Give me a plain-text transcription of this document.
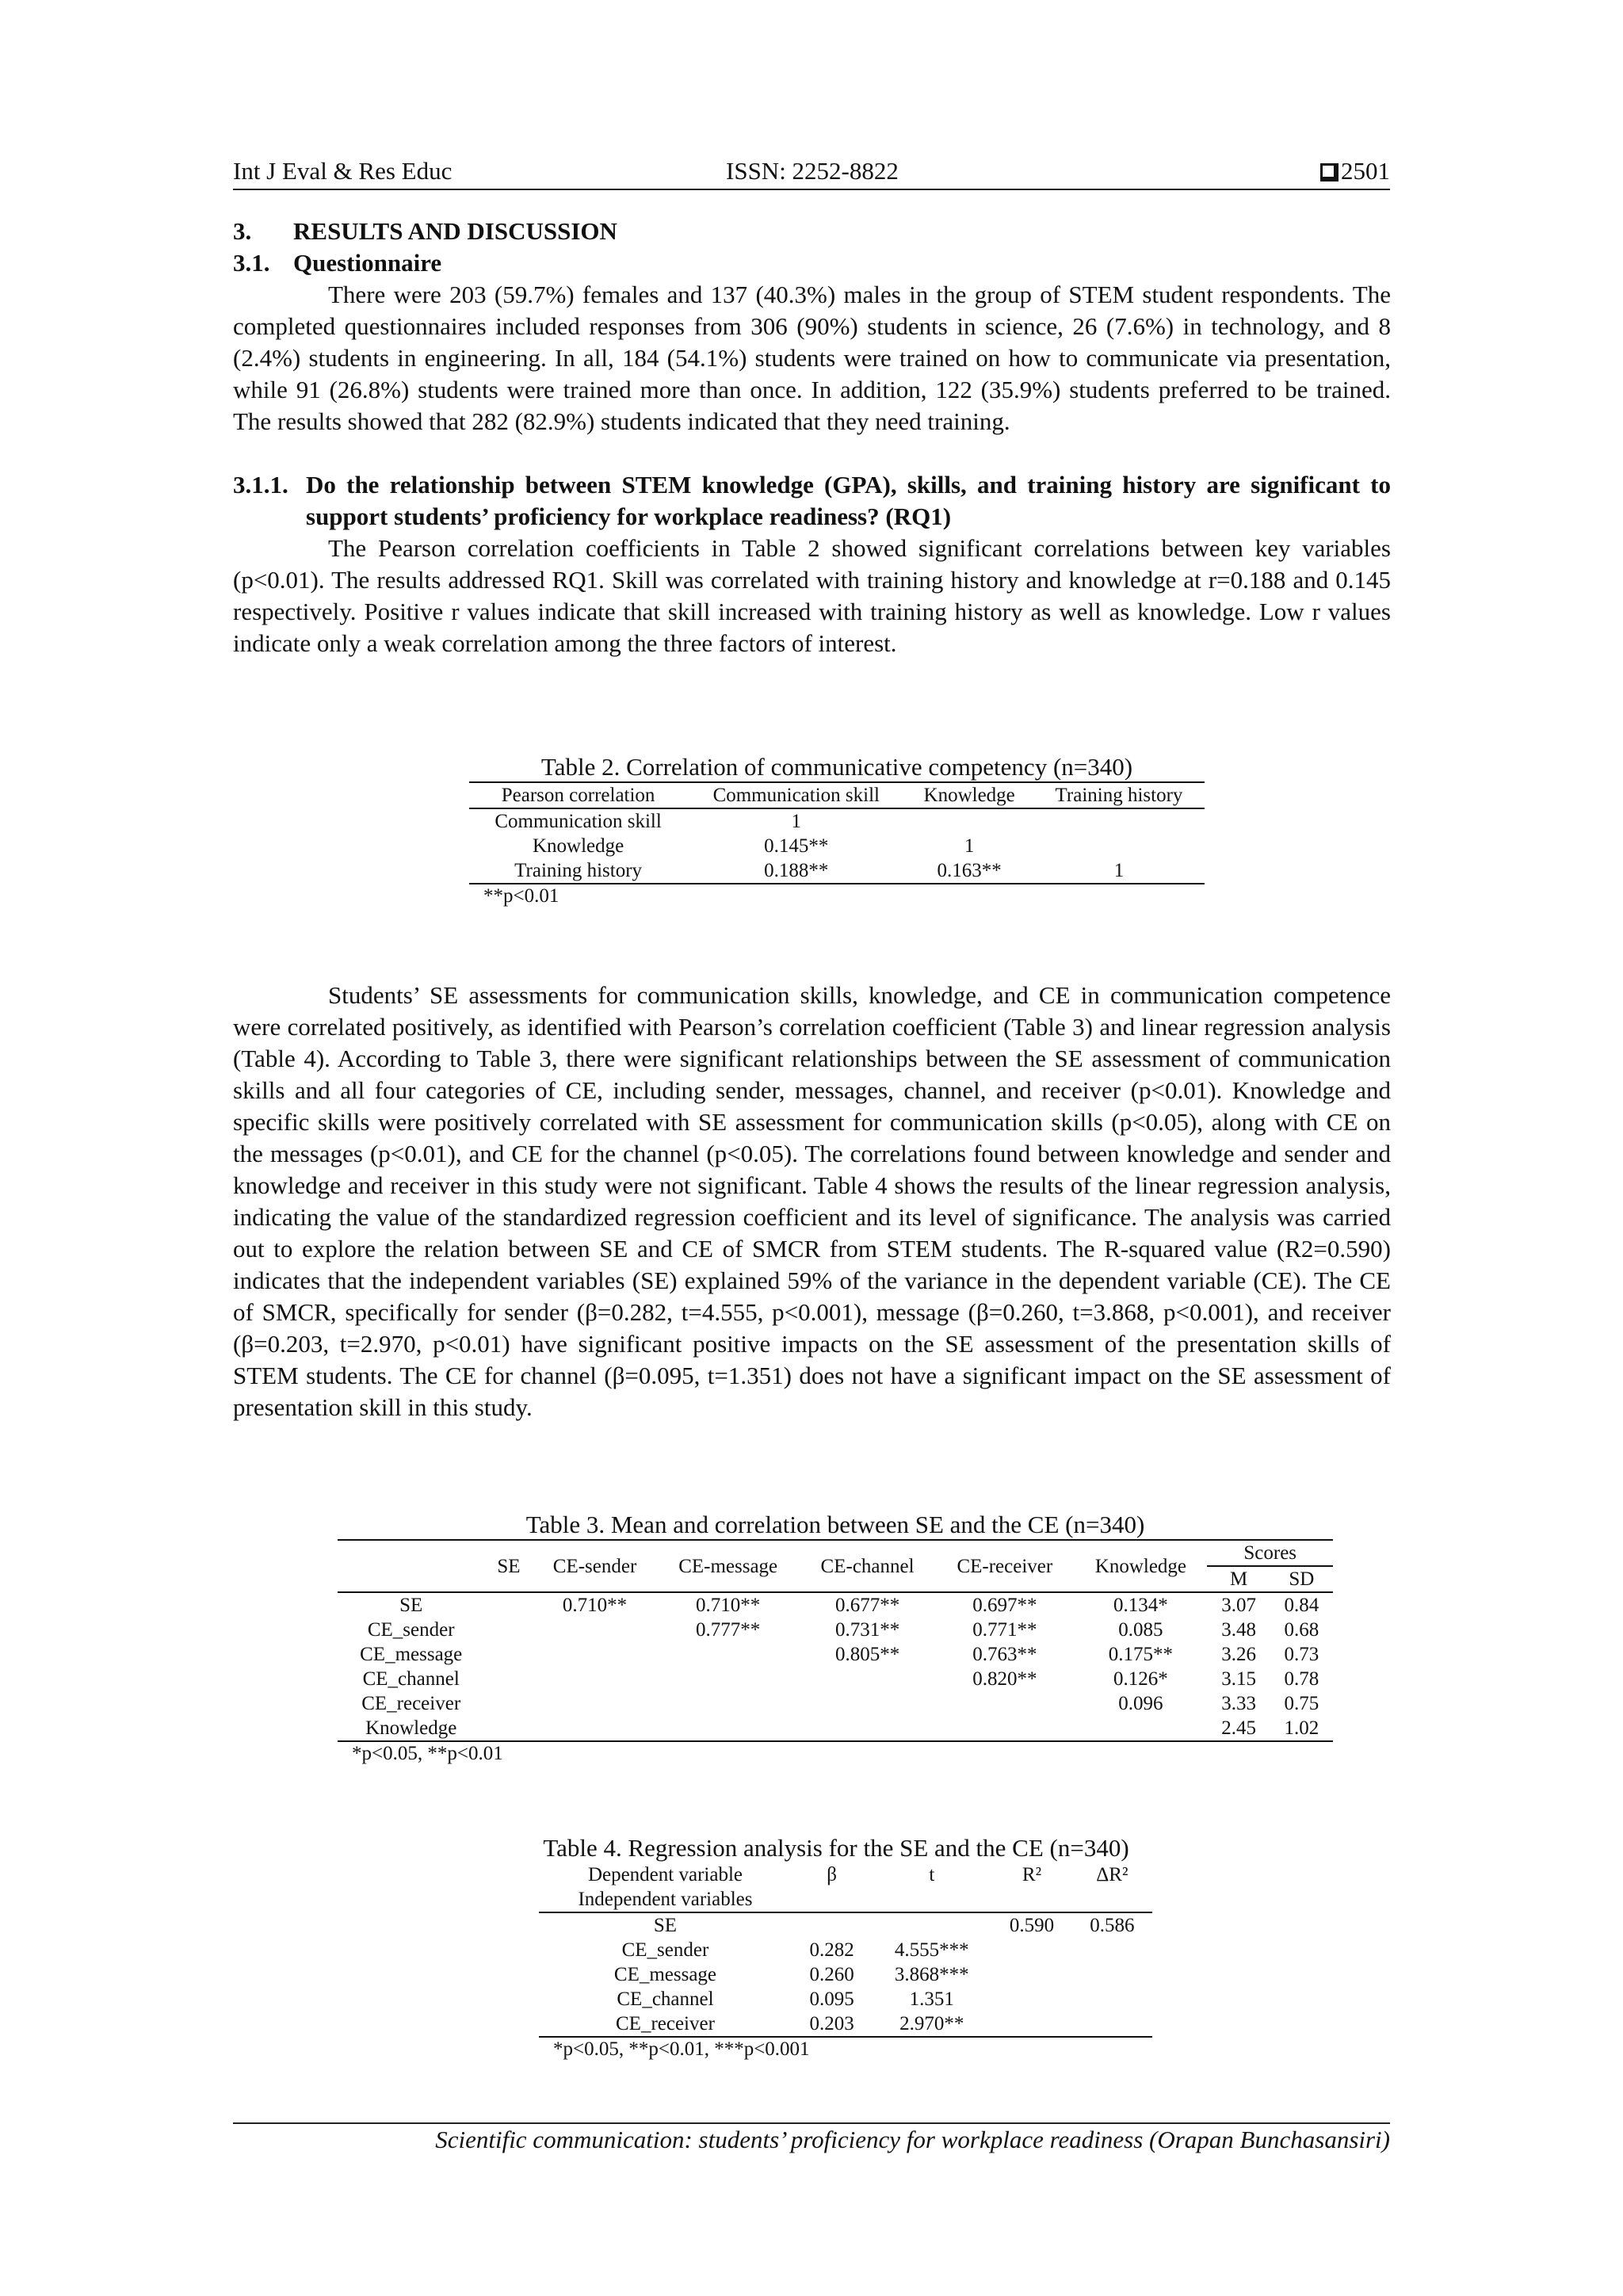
Int J Eval & Res Educ	ISSN: 2252-8822	2501
3. RESULTS AND DISCUSSION
3.1. Questionnaire

There were 203 (59.7%) females and 137 (40.3%) males in the group of STEM student respondents. The completed questionnaires included responses from 306 (90%) students in science, 26 (7.6%) in technology, and 8 (2.4%) students in engineering. In all, 184 (54.1%) students were trained on how to communicate via presentation, while 91 (26.8%) students were trained more than once. In addition, 122 (35.9%) students preferred to be trained. The results showed that 282 (82.9%) students indicated that they need training.

3.1.1. Do the relationship between STEM knowledge (GPA), skills, and training history are significant to support students’ proficiency for workplace readiness? (RQ1)

The Pearson correlation coefficients in Table 2 showed significant correlations between key variables (p<0.01). The results addressed RQ1. Skill was correlated with training history and knowledge at r=0.188 and 0.145 respectively. Positive r values indicate that skill increased with training history as well as knowledge. Low r values indicate only a weak correlation among the three factors of interest.

Table 2. Correlation of communicative competency (n=340)
Pearson correlation	Communication skill	Knowledge	Training history
Communication skill	1		
Knowledge	0.145**	1	
Training history	0.188**	0.163**	1
**p<0.01

Students’ SE assessments for communication skills, knowledge, and CE in communication competence were correlated positively, as identified with Pearson’s correlation coefficient (Table 3) and linear regression analysis (Table 4). According to Table 3, there were significant relationships between the SE assessment of communication skills and all four categories of CE, including sender, messages, channel, and receiver (p<0.01). Knowledge and specific skills were positively correlated with SE assessment for communication skills (p<0.05), along with CE on the messages (p<0.01), and CE for the channel (p<0.05). The correlations found between knowledge and sender and knowledge and receiver in this study were not significant. Table 4 shows the results of the linear regression analysis, indicating the value of the standardized regression coefficient and its level of significance. The analysis was carried out to explore the relation between SE and CE of SMCR from STEM students. The R-squared value (R2=0.590) indicates that the independent variables (SE) explained 59% of the variance in the dependent variable (CE). The CE of SMCR, specifically for sender (β=0.282, t=4.555, p<0.001), message (β=0.260, t=3.868, p<0.001), and receiver (β=0.203, t=2.970, p<0.01) have significant positive impacts on the SE assessment of the presentation skills of STEM students. The CE for channel (β=0.095, t=1.351) does not have a significant impact on the SE assessment of presentation skill in this study.

Table 3. Mean and correlation between SE and the CE (n=340)
	SE	CE-sender	CE-message	CE-channel	CE-receiver	Knowledge	Scores	
							M	SD
SE		0.710**	0.710**	0.677**	0.697**	0.134*	3.07	0.84
CE_sender			0.777**	0.731**	0.771**	0.085	3.48	0.68
CE_message				0.805**	0.763**	0.175**	3.26	0.73
CE_channel					0.820**	0.126*	3.15	0.78
CE_receiver						0.096	3.33	0.75
Knowledge							2.45	1.02
*p<0.05, **p<0.01
Table 4. Regression analysis for the SE and the CE (n=340)
Dependent variable	β	t	R²	ΔR²
Independent variables				
SE			0.590	0.586
CE_sender	0.282	4.555***		
CE_message	0.260	3.868***		
CE_channel	0.095	1.351		
CE_receiver	0.203	2.970**		
*p<0.05, **p<0.01, ***p<0.001
Scientific communication: students’ proficiency for workplace readiness (Orapan Bunchasansiri)
